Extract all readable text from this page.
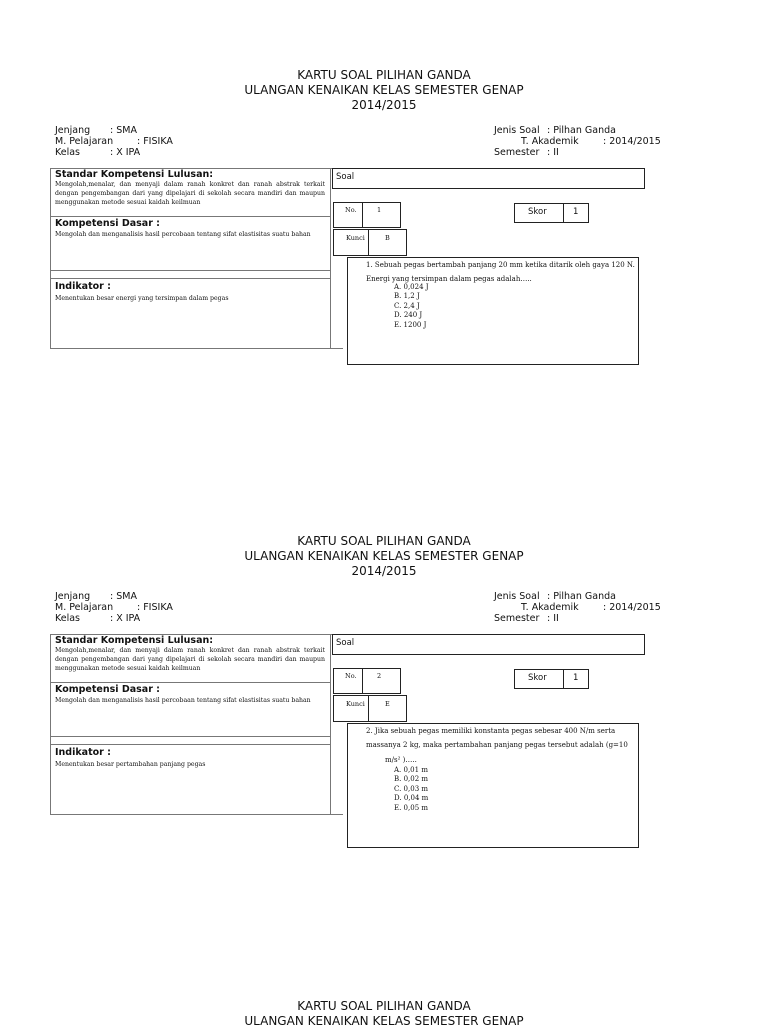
KARTU SOAL PILIHAN GANDA
ULANGAN KENAIKAN KELAS SEMESTER GENAP
2014/2015
Jenjang : SMA
M. Pelajaran	: FISIKA
Kelas	: X IPA
Jenis Soal : Pilhan Ganda
T. Akademik	: 2014/2015
Semester : II
Standar Kompetensi Lulusan:
Mengolah,menalar, dan menyaji dalam ranah konkret dan ranah abstrak terkait dengan pengembangan dari yang dipelajari di sekolah secara mandiri dan maupun menggunakan metode sesuai kaidah keilmuan
Kompetensi Dasar :
Mengolah dan menganalisis hasil percobaan tentang sifat elastisitas suatu bahan
Indikator :
Menentukan besar energi yang tersimpan dalam pegas
Soal
No.	1
Kunci	B
Skor	1
1. Sebuah pegas bertambah panjang 20 mm ketika ditarik oleh gaya 120 N.
Energi yang tersimpan dalam pegas adalah…..
A. 0,024 J
B. 1,2 J
C. 2,4 J
D. 240 J
E. 1200 J
KARTU SOAL PILIHAN GANDA
ULANGAN KENAIKAN KELAS SEMESTER GENAP
2014/2015
Jenjang : SMA
M. Pelajaran	: FISIKA
Kelas	: X IPA
Jenis Soal : Pilhan Ganda
T. Akademik	: 2014/2015
Semester : II
Standar Kompetensi Lulusan:
Mengolah,menalar, dan menyaji dalam ranah konkret dan ranah abstrak terkait dengan pengembangan dari yang dipelajari di sekolah secara mandiri dan maupun menggunakan metode sesuai kaidah keilmuan
Kompetensi Dasar :
Mengolah dan menganalisis hasil percobaan tentang sifat elastisitas suatu bahan
Indikator :
Menentukan besar pertambahan panjang pegas
Soal
No.	2
Kunci	E
Skor	1
2. Jika sebuah pegas memiliki konstanta pegas sebesar 400 N/m serta
massanya 2 kg, maka pertambahan panjang pegas tersebut adalah (g=10
m/s² )…..
A. 0,01 m
B. 0,02 m
C. 0,03 m
D. 0,04 m
E. 0,05 m
KARTU SOAL PILIHAN GANDA
ULANGAN KENAIKAN KELAS SEMESTER GENAP
